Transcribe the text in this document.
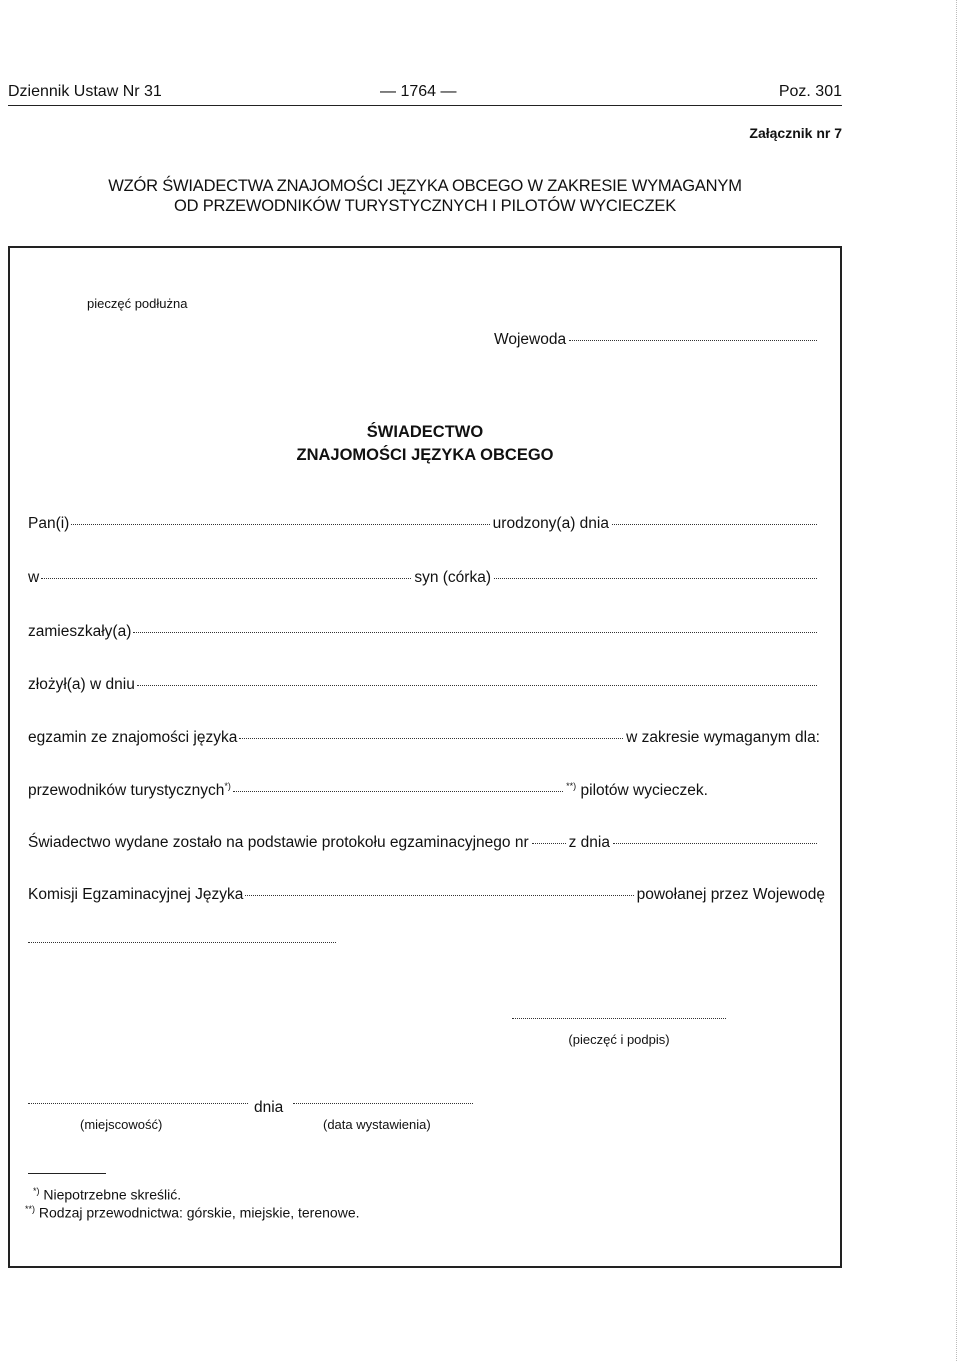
Dziennik Ustaw Nr 31	— 1764 —	Poz. 301
Załącznik nr 7
WZÓR ŚWIADECTWA ZNAJOMOŚCI JĘZYKA OBCEGO W ZAKRESIE WYMAGANYM
OD PRZEWODNIKÓW TURYSTYCZNYCH I PILOTÓW WYCIECZEK
pieczęć podłużna
Wojewoda
ŚWIADECTWO
ZNAJOMOŚCI JĘZYKA OBCEGO
Pan(i)	urodzony(a) dnia
w	syn (córka)
zamieszkały(a)
złożył(a) w dniu
egzamin ze znajomości języka	w zakresie wymaganym dla:
przewodników turystycznych*)	**) pilotów wycieczek.
Świadectwo wydane zostało na podstawie protokołu egzaminacyjnego nr	z dnia
Komisji Egzaminacyjnej Języka	powołanej przez Wojewodę
(pieczęć i podpis)
dnia
(miejscowość)	(data wystawienia)
*) Niepotrzebne skreślić.
**) Rodzaj przewodnictwa: górskie, miejskie, terenowe.
